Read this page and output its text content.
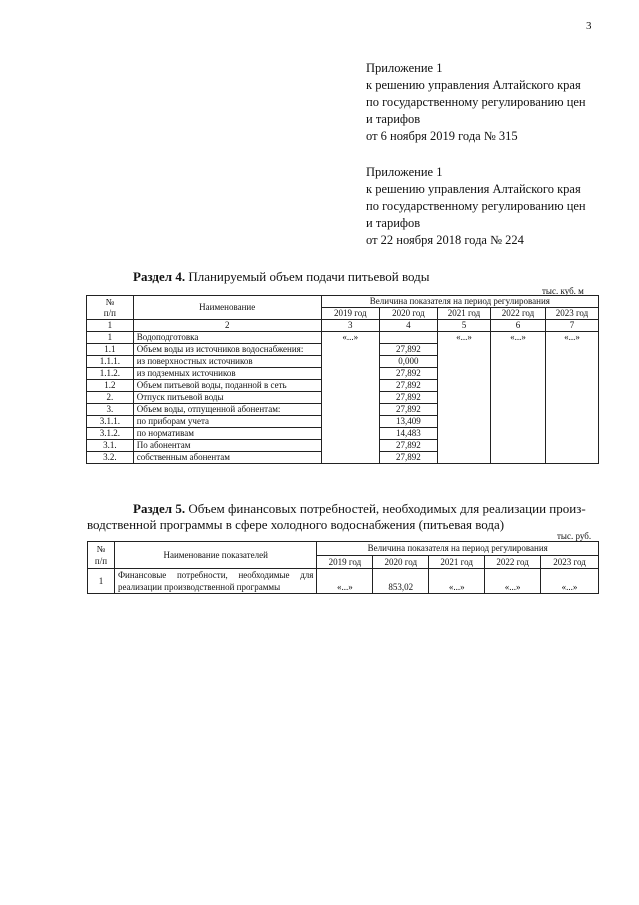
3
Приложение 1
к решению управления Алтайского края
по государственному регулированию цен
и тарифов
от 6 ноября 2019 года № 315
Приложение 1
к решению управления Алтайского края
по государственному регулированию цен
и тарифов
от 22 ноября 2018 года № 224
Раздел 4. Планируемый объем подачи питьевой воды
тыс. куб. м
№
п/п	Наименование	Величина показателя на период регулирования				
		2019 год	2020 год	2021 год	2022 год	2023 год
1	2	3	4	5	6	7
1	Водоподготовка	«...»		«...»	«...»	«...»
1.1	Объем воды из источников водоснабжения:		27,892			
1.1.1.	из поверхностных источников		0,000			
1.1.2.	из подземных источников		27,892			
1.2	Объем питьевой воды, поданной в сеть		27,892			
2.	Отпуск питьевой воды		27,892			
3.	Объем воды, отпущенной абонентам:		27,892			
3.1.1.	по приборам учета		13,409			
3.1.2.	по нормативам		14,483			
3.1.	По абонентам		27,892			
3.2.	собственным абонентам		27,892			
Раздел 5. Объем финансовых потребностей, необходимых для реализации произ-
водственной программы в сфере холодного водоснабжения (питьевая вода)
тыс. руб.
№
п/п	Наименование показателей	Величина показателя на период регулирования				
		2019 год	2020 год	2021 год	2022 год	2023 год
1	Финансовые потребности, необходимые для реализации производственной программы	«...»	853,02	«...»	«...»	«...»
